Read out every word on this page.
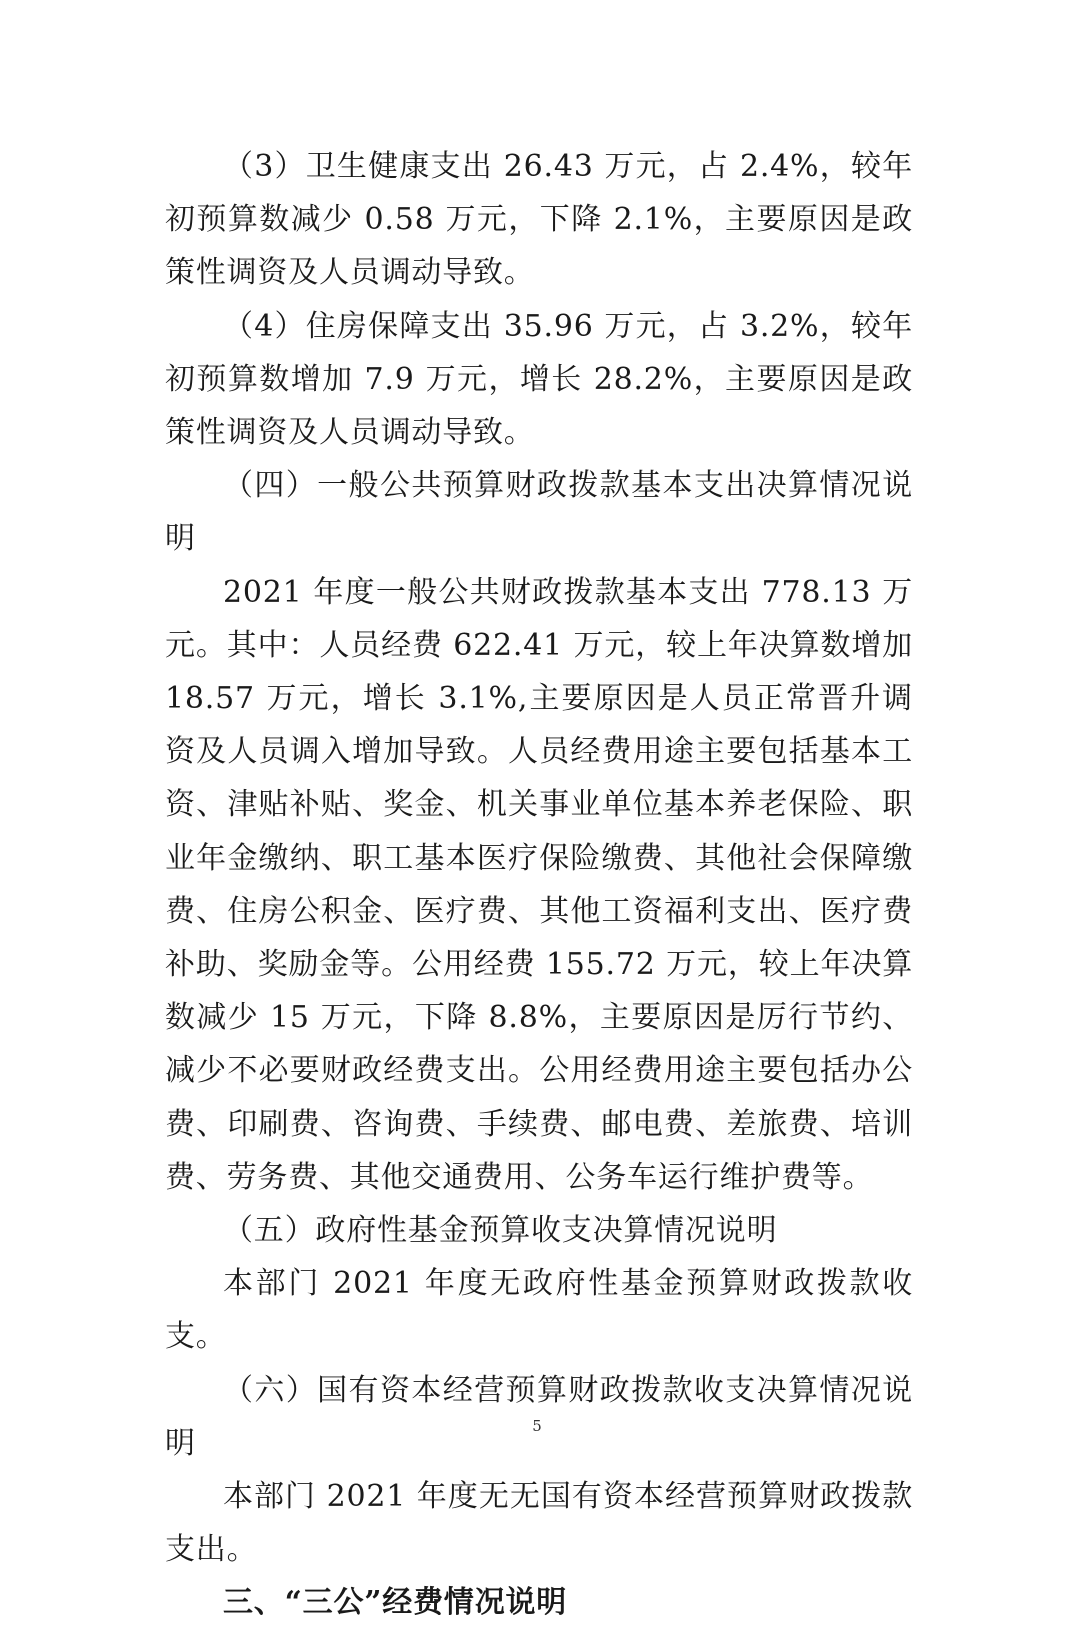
（3）卫生健康支出 26.43 万元，占 2.4%，较年初预算数减少 0.58 万元，下降 2.1%，主要原因是政策性调资及人员调动导致。

（4）住房保障支出 35.96 万元，占 3.2%，较年初预算数增加 7.9 万元，增长 28.2%，主要原因是政策性调资及人员调动导致。

（四）一般公共预算财政拨款基本支出决算情况说明

2021 年度一般公共财政拨款基本支出 778.13 万元。其中：人员经费 622.41 万元，较上年决算数增加 18.57 万元，增长 3.1%,主要原因是人员正常晋升调资及人员调入增加导致。人员经费用途主要包括基本工资、津贴补贴、奖金、机关事业单位基本养老保险、职业年金缴纳、职工基本医疗保险缴费、其他社会保障缴费、住房公积金、医疗费、其他工资福利支出、医疗费补助、奖励金等。公用经费 155.72 万元，较上年决算数减少 15 万元，下降 8.8%，主要原因是厉行节约、减少不必要财政经费支出。公用经费用途主要包括办公费、印刷费、咨询费、手续费、邮电费、差旅费、培训费、劳务费、其他交通费用、公务车运行维护费等。

（五）政府性基金预算收支决算情况说明

本部门 2021 年度无政府性基金预算财政拨款收支。

（六）国有资本经营预算财政拨款收支决算情况说明

本部门 2021 年度无无国有资本经营预算财政拨款支出。

三、“三公”经费情况说明

5
